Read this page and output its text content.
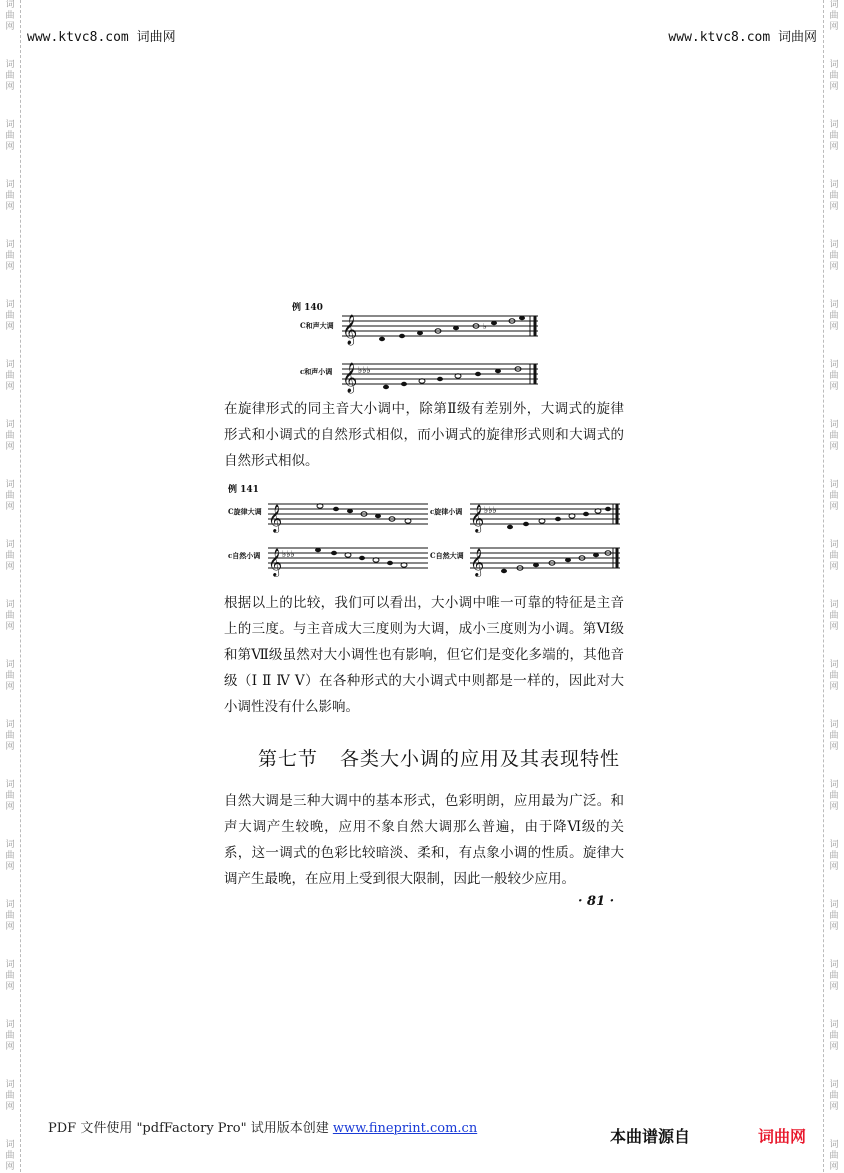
词
曲
网
词
曲
网
词
曲
网
词
曲
网
词
曲
网
词
曲
网
词
曲
网
词
曲
网
词
曲
网
词
曲
网
词
曲
网
词
曲
网
词
曲
网
词
曲
网
词
曲
网
词
曲
网
词
曲
网
词
曲
网
词
曲
网
词
曲
网
词
曲
网
词
曲
网
词
曲
网
词
曲
网
词
曲
网
词
曲
网
词
曲
网
词
曲
网
词
曲
网
词
曲
网
词
曲
网
词
曲
网
词
曲
网
词
曲
网
词
曲
网
词
曲
网
词
曲
网
词
曲
网
词
曲
网
词
曲
网
www.ktvc8.com 词曲网	www.ktvc8.com 词曲网
例 140
C和声大调 𝄞	♭
c和声小调 𝄞 ♭♭♭
在旋律形式的同主音大小调中，除第Ⅱ级有差别外，大调式的旋律形式和小调式的自然形式相似，而小调式的旋律形式则和大调式的自然形式相似。
例 141
C旋律大调 𝄞	c旋律小调 𝄞 ♭♭♭
c自然小调 𝄞 ♭♭♭	C自然大调 𝄞
根据以上的比较，我们可以看出，大小调中唯一可靠的特征是主音上的三度。与主音成大三度则为大调，成小三度则为小调。第Ⅵ级和第Ⅶ级虽然对大小调性也有影响，但它们是变化多端的，其他音级（Ⅰ Ⅱ Ⅳ Ⅴ）在各种形式的大小调式中则都是一样的，因此对大小调性没有什么影响。
第七节 各类大小调的应用及其表现特性
自然大调是三种大调中的基本形式，色彩明朗，应用最为广泛。和声大调产生较晚，应用不象自然大调那么普遍，由于降Ⅵ级的关系，这一调式的色彩比较暗淡、柔和，有点象小调的性质。旋律大调产生最晚，在应用上受到很大限制，因此一般较少应用。
· 81 ·
PDF 文件使用 "pdfFactory Pro" 试用版本创建 www.fineprint.com.cn	本曲谱源自	词曲网
